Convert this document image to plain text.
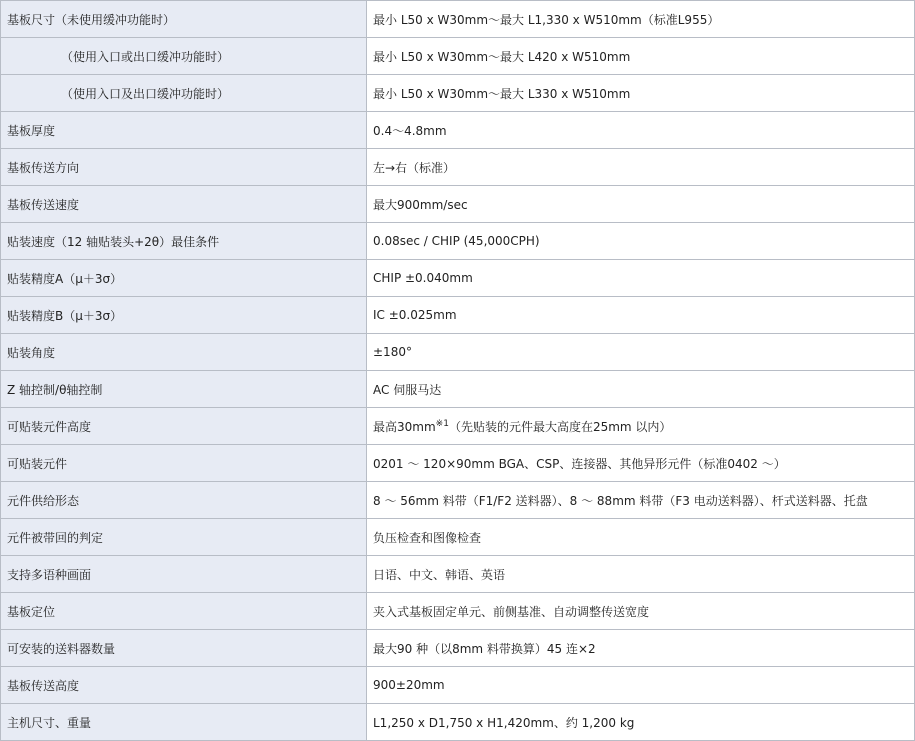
基板尺寸（未使用缓冲功能时）	最小 L50 x W30mm～最大 L1,330 x W510mm（标准L955）
（使用入口或出口缓冲功能时）	最小 L50 x W30mm～最大 L420 x W510mm
（使用入口及出口缓冲功能时）	最小 L50 x W30mm～最大 L330 x W510mm
基板厚度	0.4～4.8mm
基板传送方向	左→右（标准）
基板传送速度	最大900mm/sec
贴装速度（12 轴贴装头+2θ）最佳条件	0.08sec / CHIP (45,000CPH)
贴装精度A（μ＋3σ）	CHIP ±0.040mm
贴装精度B（μ＋3σ）	IC ±0.025mm
贴装角度	±180°
Z 轴控制/θ轴控制	AC 伺服马达
可贴装元件高度	最高$30mm^{※1}$（先贴装的元件最大高度在25mm 以内）
可贴装元件	0201 ～ 120×90mm BGA、CSP、连接器、其他异形元件（标准0402 ～）
元件供给形态	8 ～ 56mm 料带（F1/F2 送料器）、8 ～ 88mm 料带（F3 电动送料器）、杆式送料器、托盘
元件被带回的判定	负压检查和图像检查
支持多语种画面	日语、中文、韩语、英语
基板定位	夹入式基板固定单元、前侧基准、自动调整传送宽度
可安装的送料器数量	最大90 种（以8mm 料带换算）45 连×2
基板传送高度	900±20mm
主机尺寸、重量	L1,250 x D1,750 x H1,420mm、约 1,200 kg
